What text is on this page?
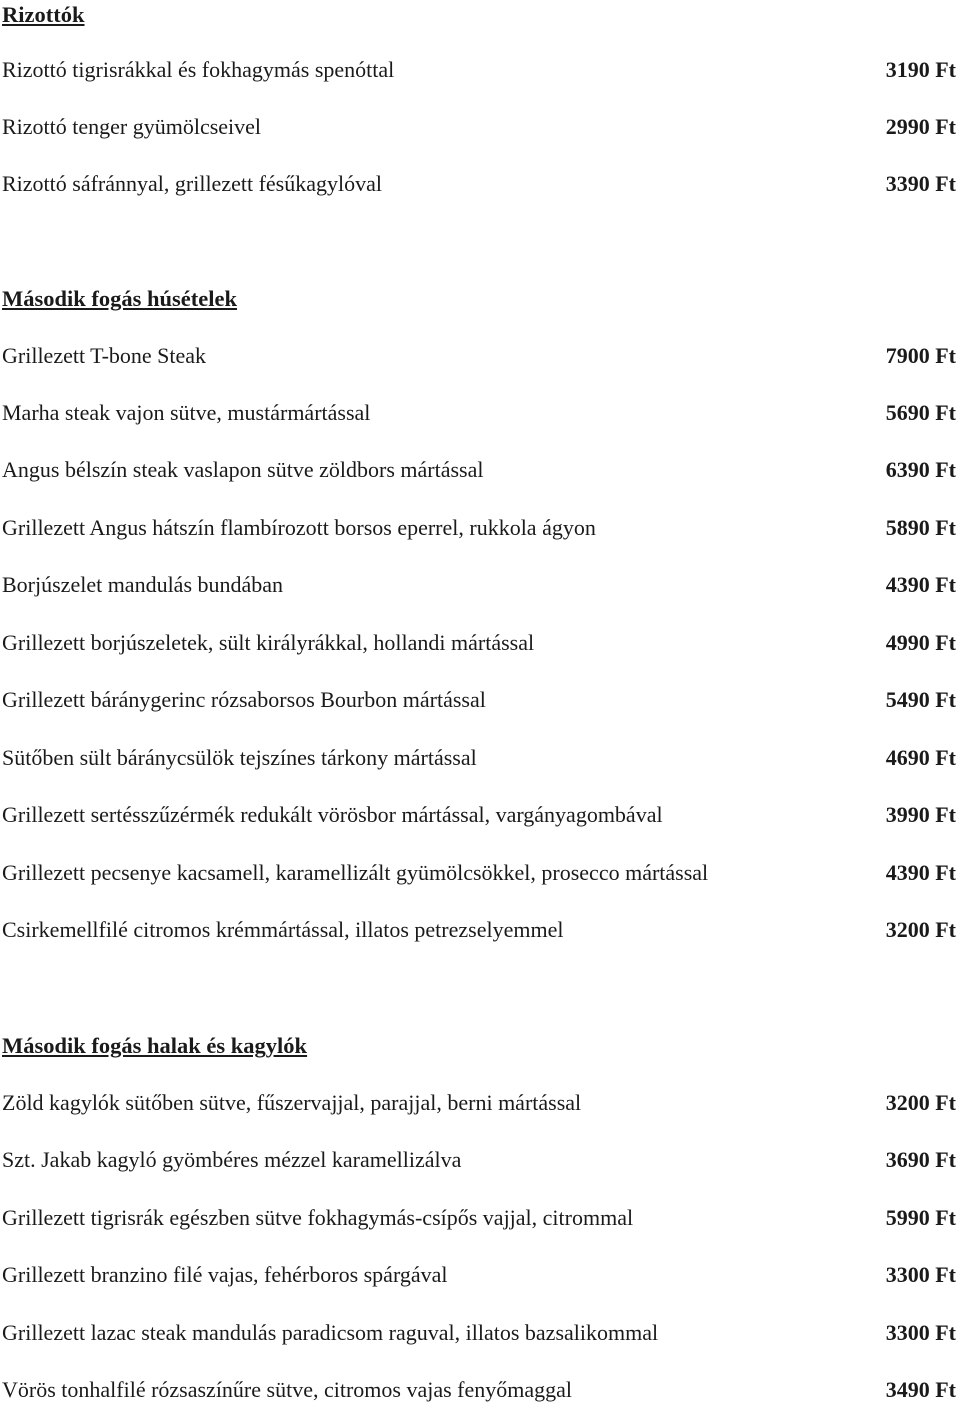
Rizottók
Rizottó tigrisrákkal és fokhagymás spenóttal	3190 Ft
Rizottó tenger gyümölcseivel	2990 Ft
Rizottó sáfránnyal, grillezett fésűkagylóval	3390 Ft
Második fogás húsételek
Grillezett T-bone Steak	7900 Ft
Marha steak vajon sütve, mustármártással	5690 Ft
Angus bélszín steak vaslapon sütve zöldbors mártással	6390 Ft
Grillezett Angus hátszín flambírozott borsos eperrel, rukkola ágyon	5890 Ft
Borjúszelet mandulás bundában	4390 Ft
Grillezett borjúszeletek, sült királyrákkal, hollandi mártással	4990 Ft
Grillezett báránygerinc rózsaborsos Bourbon mártással	5490 Ft
Sütőben sült báránycsülök tejszínes tárkony mártással	4690 Ft
Grillezett sertésszűzérmék redukált vörösbor mártással, vargányagombával	3990 Ft
Grillezett pecsenye kacsamell, karamellizált gyümölcsökkel, prosecco mártással	4390 Ft
Csirkemellfilé citromos krémmártással, illatos petrezselyemmel	3200 Ft
Második fogás halak és kagylók
Zöld kagylók sütőben sütve, fűszervajjal, parajjal, berni mártással	3200 Ft
Szt. Jakab kagyló gyömbéres mézzel karamellizálva	3690 Ft
Grillezett tigrisrák egészben sütve fokhagymás-csípős vajjal, citrommal	5990 Ft
Grillezett branzino filé vajas, fehérboros spárgával	3300 Ft
Grillezett lazac steak mandulás paradicsom raguval, illatos bazsalikommal	3300 Ft
Vörös tonhalfilé rózsaszínűre sütve, citromos vajas fenyőmaggal	3490 Ft
